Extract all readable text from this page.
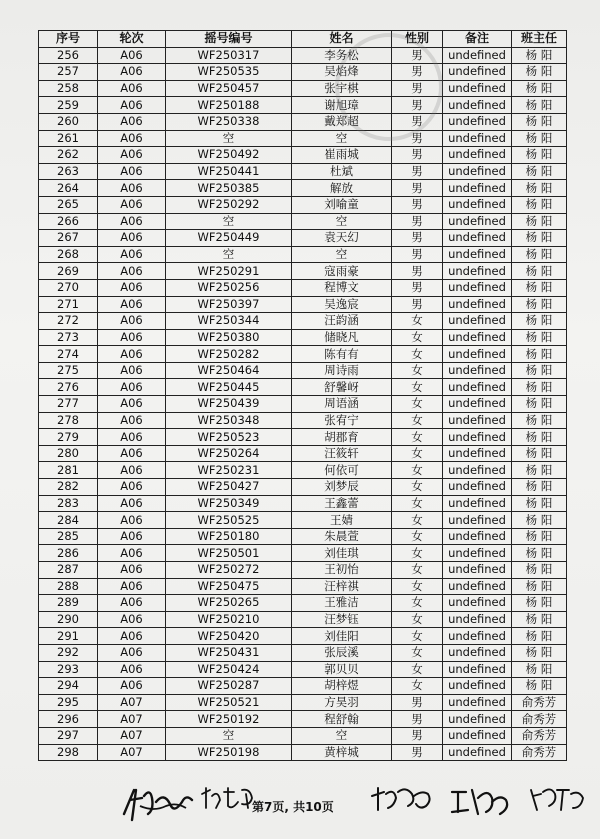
序号	轮次	摇号编号	姓名	性别	备注	班主任
256	A06	WF250317	李务松	男	undefined	杨 阳
257	A06	WF250535	吴焰烽	男	undefined	杨 阳
258	A06	WF250457	张宇棋	男	undefined	杨 阳
259	A06	WF250188	谢旭璋	男	undefined	杨 阳
260	A06	WF250338	戴郑超	男	undefined	杨 阳
261	A06	空	空	男	undefined	杨 阳
262	A06	WF250492	崔雨城	男	undefined	杨 阳
263	A06	WF250441	杜斌	男	undefined	杨 阳
264	A06	WF250385	解放	男	undefined	杨 阳
265	A06	WF250292	刘喻童	男	undefined	杨 阳
266	A06	空	空	男	undefined	杨 阳
267	A06	WF250449	袁天幻	男	undefined	杨 阳
268	A06	空	空	男	undefined	杨 阳
269	A06	WF250291	寇雨豪	男	undefined	杨 阳
270	A06	WF250256	程博文	男	undefined	杨 阳
271	A06	WF250397	吴逸宸	男	undefined	杨 阳
272	A06	WF250344	汪韵涵	女	undefined	杨 阳
273	A06	WF250380	储晓凡	女	undefined	杨 阳
274	A06	WF250282	陈有有	女	undefined	杨 阳
275	A06	WF250464	周诗雨	女	undefined	杨 阳
276	A06	WF250445	舒馨岈	女	undefined	杨 阳
277	A06	WF250439	周语涵	女	undefined	杨 阳
278	A06	WF250348	张宥宁	女	undefined	杨 阳
279	A06	WF250523	胡郡育	女	undefined	杨 阳
280	A06	WF250264	汪筱轩	女	undefined	杨 阳
281	A06	WF250231	何依可	女	undefined	杨 阳
282	A06	WF250427	刘梦辰	女	undefined	杨 阳
283	A06	WF250349	王鑫蕾	女	undefined	杨 阳
284	A06	WF250525	王婧	女	undefined	杨 阳
285	A06	WF250180	朱晨萱	女	undefined	杨 阳
286	A06	WF250501	刘佳琪	女	undefined	杨 阳
287	A06	WF250272	王初怡	女	undefined	杨 阳
288	A06	WF250475	汪梓祺	女	undefined	杨 阳
289	A06	WF250265	王雅洁	女	undefined	杨 阳
290	A06	WF250210	汪梦钰	女	undefined	杨 阳
291	A06	WF250420	刘佳阳	女	undefined	杨 阳
292	A06	WF250431	张辰溪	女	undefined	杨 阳
293	A06	WF250424	郭贝贝	女	undefined	杨 阳
294	A06	WF250287	胡梓煜	女	undefined	杨 阳
295	A07	WF250521	方昊羽	男	undefined	俞秀芳
296	A07	WF250192	程舒翰	男	undefined	俞秀芳
297	A07	空	空	男	undefined	俞秀芳
298	A07	WF250198	黄梓城	男	undefined	俞秀芳
第7页, 共10页
